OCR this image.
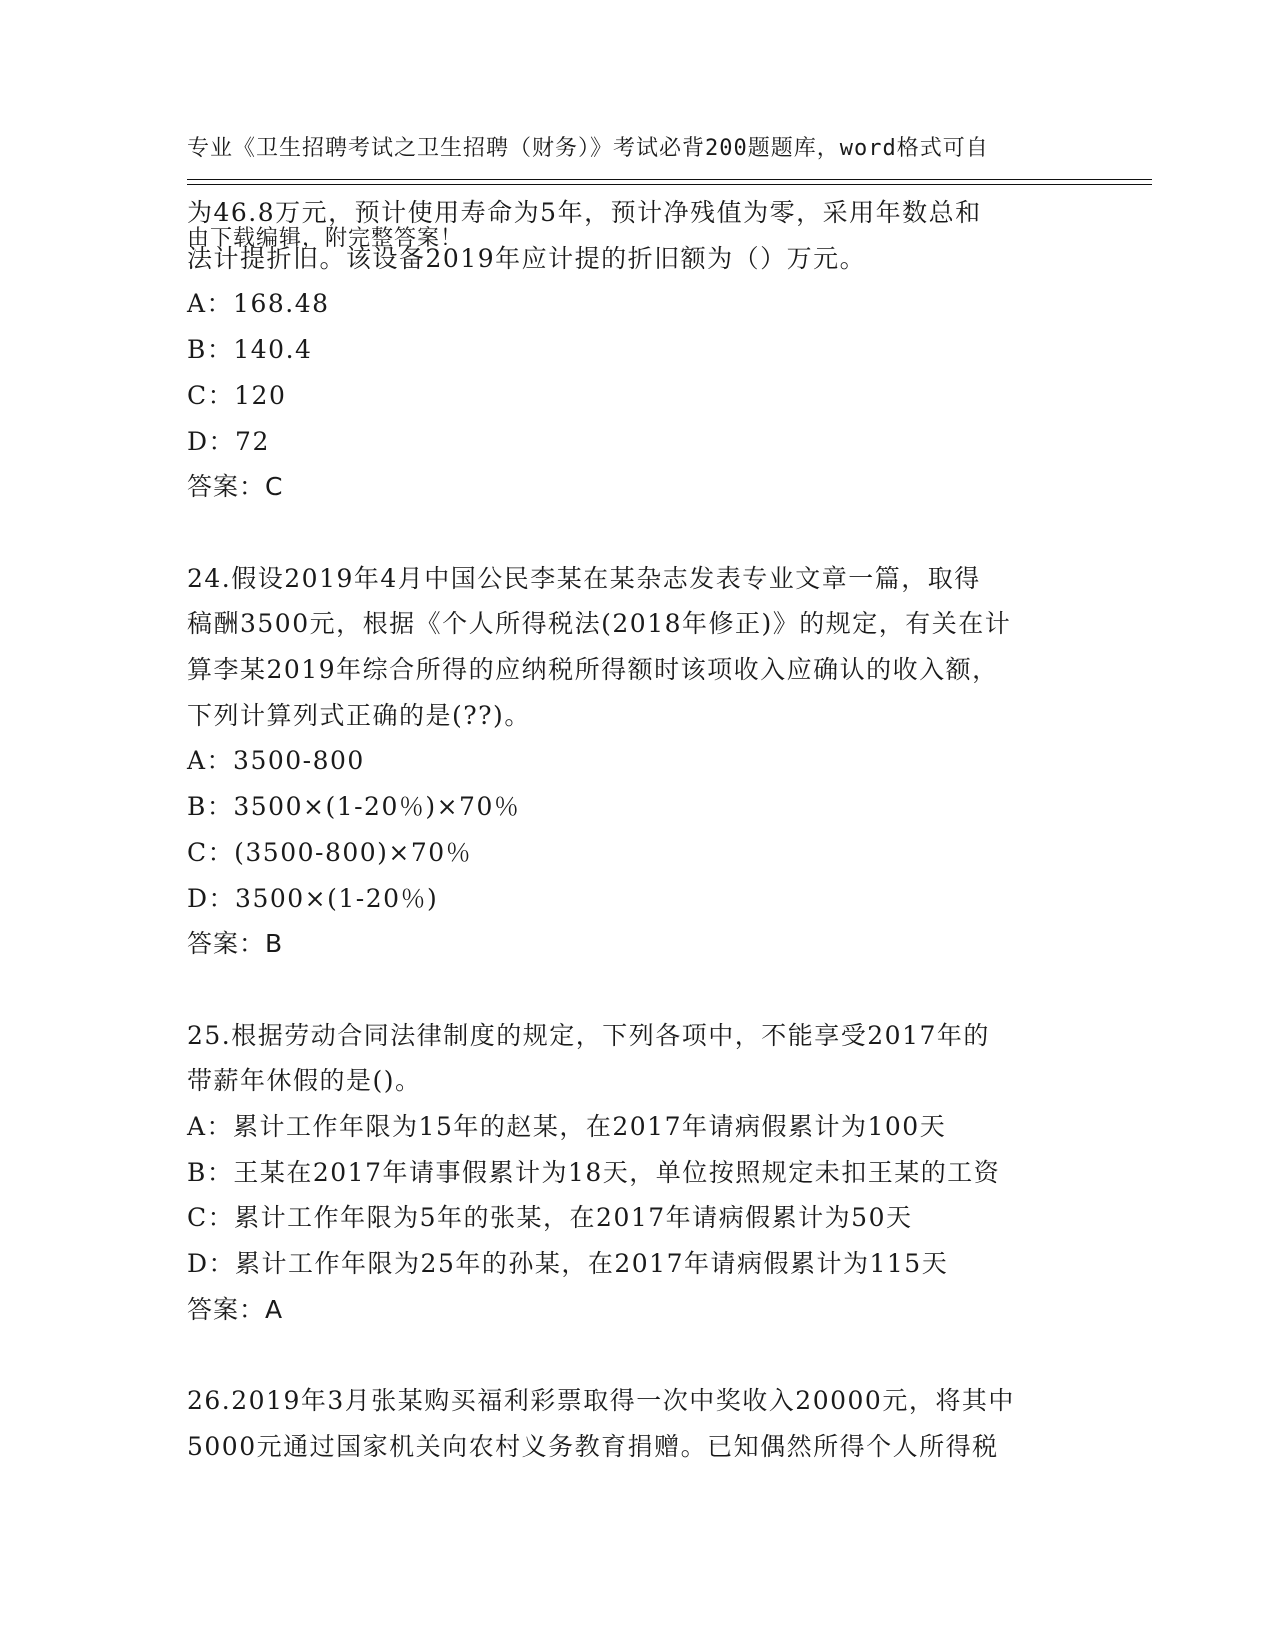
专业《卫生招聘考试之卫生招聘（财务）》考试必背200题题库，word格式可自

由下载编辑，附完整答案！

为46.8万元，预计使用寿命为5年，预计净残值为零，采用年数总和
法计提折旧。该设备2019年应计提的折旧额为（）万元。
A：168.48
B：140.4
C：120
D：72
答案：C
24.假设2019年4月中国公民李某在某杂志发表专业文章一篇，取得
稿酬3500元，根据《个人所得税法(2018年修正)》的规定，有关在计
算李某2019年综合所得的应纳税所得额时该项收入应确认的收入额，
下列计算列式正确的是(??)。
A：3500-800
B：3500×(1-20％)×70％
C：(3500-800)×70％
D：3500×(1-20％)
答案：B
25.根据劳动合同法律制度的规定，下列各项中，不能享受2017年的
带薪年休假的是()。
A：累计工作年限为15年的赵某，在2017年请病假累计为100天
B：王某在2017年请事假累计为18天，单位按照规定未扣王某的工资
C：累计工作年限为5年的张某，在2017年请病假累计为50天
D：累计工作年限为25年的孙某，在2017年请病假累计为115天
答案：A
26.2019年3月张某购买福利彩票取得一次中奖收入20000元，将其中
5000元通过国家机关向农村义务教育捐赠。已知偶然所得个人所得税
